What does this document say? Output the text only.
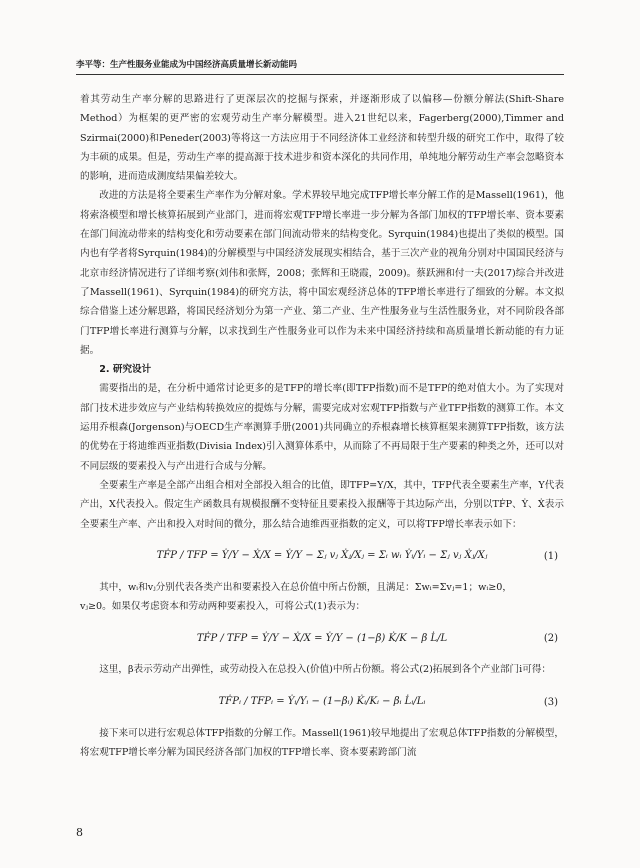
李平等：生产性服务业能成为中国经济高质量增长新动能吗

着其劳动生产率分解的思路进行了更深层次的挖掘与探索，并逐渐形成了以偏移—份额分解法(Shift-Share Method）为框架的更严密的宏观劳动生产率分解模型。进入21世纪以来，Fagerberg(2000),Timmer and Szirmai(2000)和Peneder(2003)等将这一方法应用于不同经济体工业经济和转型升级的研究工作中，取得了较为丰硕的成果。但是，劳动生产率的提高源于技术进步和资本深化的共同作用，单纯地分解劳动生产率会忽略资本的影响，进而造成测度结果偏差较大。

改进的方法是将全要素生产率作为分解对象。学术界较早地完成TFP增长率分解工作的是Massell(1961)，他将索洛模型和增长核算拓展到产业部门，进而将宏观TFP增长率进一步分解为各部门加权的TFP增长率、资本要素在部门间流动带来的结构变化和劳动要素在部门间流动带来的结构变化。Syrquin(1984)也提出了类似的模型。国内也有学者将Syrquin(1984)的分解模型与中国经济发展现实相结合，基于三次产业的视角分别对中国国民经济与北京市经济情况进行了详细考察(刘伟和张辉，2008；张辉和王晓霞，2009)。蔡跃洲和付一夫(2017)综合并改进了Massell(1961)、Syrquin(1984)的研究方法，将中国宏观经济总体的TFP增长率进行了细致的分解。本文拟综合借鉴上述分解思路，将国民经济划分为第一产业、第二产业、生产性服务业与生活性服务业，对不同阶段各部门TFP增长率进行测算与分解，以求找到生产性服务业可以作为未来中国经济持续和高质量增长新动能的有力证据。

2. 研究设计

需要指出的是，在分析中通常讨论更多的是TFP的增长率(即TFP指数)而不是TFP的绝对值大小。为了实现对部门技术进步效应与产业结构转换效应的提炼与分解，需要完成对宏观TFP指数与产业TFP指数的测算工作。本文运用乔根森(Jorgenson)与OECD生产率测算手册(2001)共同确立的乔根森增长核算框架来测算TFP指数，该方法的优势在于将迪维西亚指数(Divisia Index)引入测算体系中，从而除了不再局限于生产要素的种类之外，还可以对不同层级的要素投入与产出进行合成与分解。

全要素生产率是全部产出组合相对全部投入组合的比值，即TFP=Y/X，其中，TFP代表全要素生产率，Y代表产出，X代表投入。假定生产函数具有规模报酬不变特征且要素投入报酬等于其边际产出，分别以TḞP、Ẏ、Ẋ表示全要素生产率、产出和投入对时间的微分，那么结合迪维西亚指数的定义，可以将TFP增长率表示如下：

TḞP / TFP = Ẏ/Y − Ẋ/X = Ẏ/Y − Σⱼ vⱼ Ẋⱼ/Xⱼ = Σᵢ wᵢ Ẏᵢ/Yᵢ − Σⱼ vⱼ Ẋⱼ/Xⱼ	(1)

其中，wᵢ和vⱼ分别代表各类产出和要素投入在总价值中所占份额，且满足：Σwᵢ=Σvⱼ=1；wᵢ≥0，

vⱼ≥0。如果仅考虑资本和劳动两种要素投入，可将公式(1)表示为：

TḞP / TFP = Ẏ/Y − Ẋ/X = Ẏ/Y − (1−β) K̇/K − β L̇/L	(2)

这里，β表示劳动产出弹性，或劳动投入在总投入(价值)中所占份额。将公式(2)拓展到各个产业部门i可得：

TḞPᵢ / TFPᵢ = Ẏᵢ/Yᵢ − (1−βᵢ) K̇ᵢ/Kᵢ − βᵢ L̇ᵢ/Lᵢ	(3)

接下来可以进行宏观总体TFP指数的分解工作。Massell(1961)较早地提出了宏观总体TFP指数的分解模型，将宏观TFP增长率分解为国民经济各部门加权的TFP增长率、资本要素跨部门流

8
